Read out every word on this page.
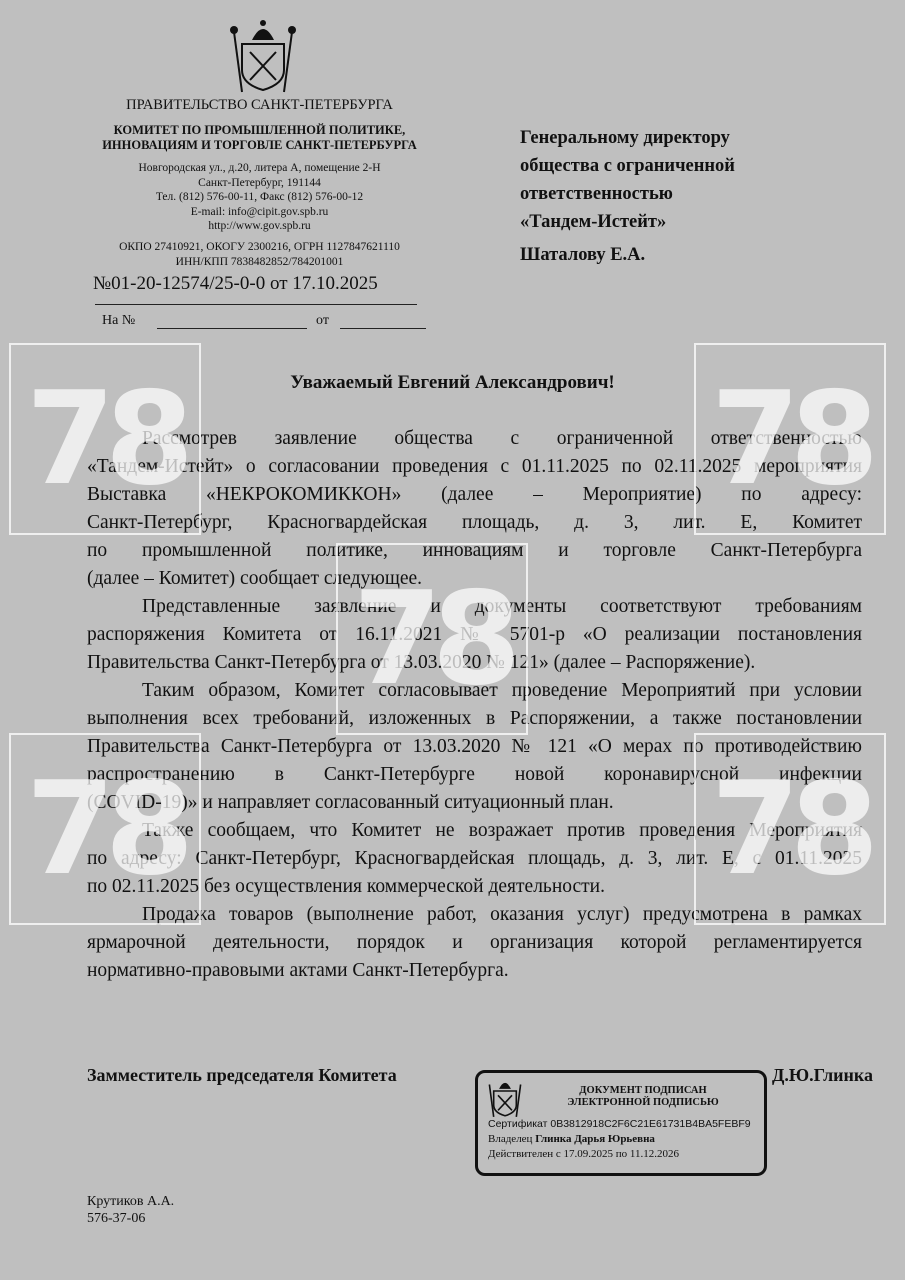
ПРАВИТЕЛЬСТВО САНКТ-ПЕТЕРБУРГА
КОМИТЕТ ПО ПРОМЫШЛЕННОЙ ПОЛИТИКЕ,
ИННОВАЦИЯМ И ТОРГОВЛЕ САНКТ-ПЕТЕРБУРГА
Новгородская ул., д.20, литера А, помещение 2-Н
Санкт-Петербург, 191144
Тел. (812) 576-00-11, Факс (812) 576-00-12
E-mail: info@cipit.gov.spb.ru
http://www.gov.spb.ru
ОКПО 27410921, ОКОГУ 2300216, ОГРН 1127847621110
ИНН/КПП 7838482852/784201001
№01-20-12574/25-0-0 от 17.10.2025
На №	от
Генеральному директору
общества с ограниченной
ответственностью
«Тандем-Истейт»
Шаталову Е.А.
Уважаемый Евгений Александрович!
Рассмотрев заявление общества с ограниченной ответственностью
«Тандем-Истейт» о согласовании проведения с 01.11.2025 по 02.11.2025 мероприятия
Выставка «НЕКРОКОМИККОН» (далее – Мероприятие) по адресу:
Санкт-Петербург, Красногвардейская площадь, д. 3, лит. Е, Комитет
по промышленной политике, инновациям и торговле Санкт-Петербурга
(далее – Комитет) сообщает следующее.
Представленные заявление и документы соответствуют требованиям
распоряжения Комитета от 16.11.2021 № 5701-р «О реализации постановления
Правительства Санкт-Петербурга от 13.03.2020 № 121» (далее – Распоряжение).
Таким образом, Комитет согласовывает проведение Мероприятий при условии
выполнения всех требований, изложенных в Распоряжении, а также постановлении
Правительства Санкт-Петербурга от 13.03.2020 № 121 «О мерах по противодействию
распространению в Санкт-Петербурге новой коронавирусной инфекции
(COVID-19)» и направляет согласованный ситуационный план.
Также сообщаем, что Комитет не возражает против проведения Мероприятия
по адресу: Санкт-Петербург, Красногвардейская площадь, д. 3, лит. Е, с 01.11.2025
по 02.11.2025 без осуществления коммерческой деятельности.
Продажа товаров (выполнение работ, оказания услуг) предусмотрена в рамках
ярмарочной деятельности, порядок и организация которой регламентируется
нормативно-правовыми актами Санкт-Петербурга.
Замместитель председателя Комитета
ДОКУМЕНТ ПОДПИСАН
ЭЛЕКТРОННОЙ ПОДПИСЬЮ
Сертификат 0B3812918C2F6C21E61731B4BA5FEBF9
Владелец Глинка Дарья Юрьевна
Действителен с 17.09.2025 по 11.12.2026
Д.Ю.Глинка
Крутиков А.А.
576-37-06
78	78
78
78	78
